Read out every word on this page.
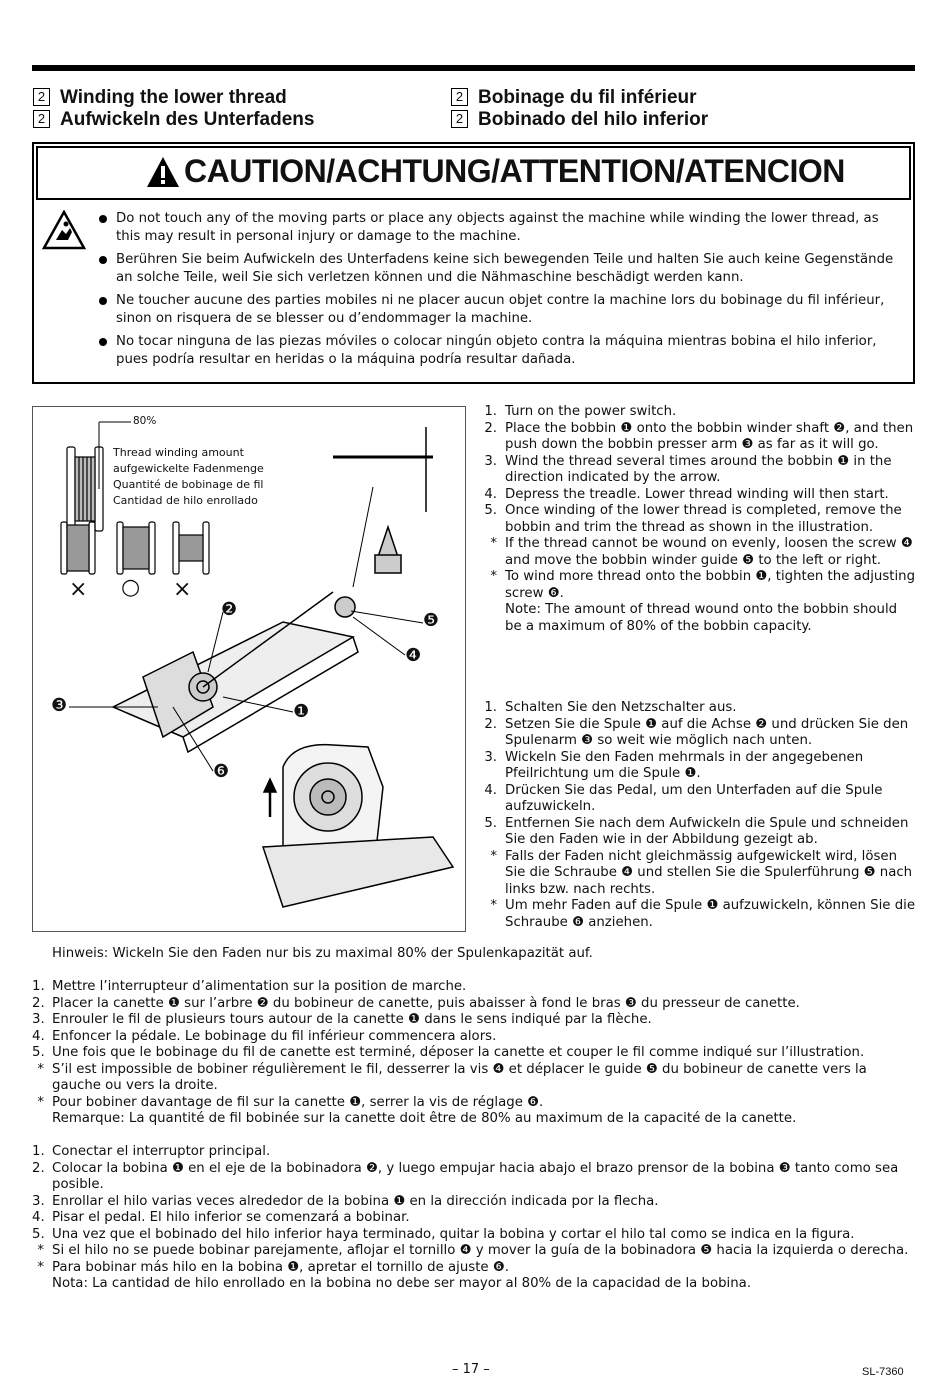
2 Winding the lower thread
2 Aufwickeln des Unterfadens
2 Bobinage du fil inférieur
2 Bobinado del hilo inferior
CAUTION/ACHTUNG/ATTENTION/ATENCION
Do not touch any of the moving parts or place any objects against the machine while winding the lower thread, as this may result in personal injury or damage to the machine.
Berühren Sie beim Aufwickeln des Unterfadens keine sich bewegenden Teile und halten Sie auch keine Gegenstände an solche Teile, weil Sie sich verletzen können und die Nähmaschine beschädigt werden kann.
Ne toucher aucune des parties mobiles ni ne placer aucun objet contre la machine lors du bobinage du fil inférieur, sinon on risquera de se blesser ou d’endommager la machine.
No tocar ninguna de las piezas móviles o colocar ningún objeto contra la máquina mientras bobina el hilo inferior, pues podría resultar en heridas o la máquina podría resultar dañada.
80%
Thread winding amount
aufgewickelte Fadenmenge
Quantité de bobinage de fil
Cantidad de hilo enrollado
× ○ ×
❷
❺
❹
❸	❶
❻
1. Turn on the power switch.
2. Place the bobbin ❶ onto the bobbin winder shaft ❷, and then push down the bobbin presser arm ❸ as far as it will go.
3. Wind the thread several times around the bobbin ❶ in the direction indicated by the arrow.
4. Depress the treadle. Lower thread winding will then start.
5. Once winding of the lower thread is completed, remove the bobbin and trim the thread as shown in the illustration.
* If the thread cannot be wound on evenly, loosen the screw ❹ and move the bobbin winder guide ❺ to the left or right.
* To wind more thread onto the bobbin ❶, tighten the adjusting screw ❻.
Note: The amount of thread wound onto the bobbin should be a maximum of 80% of the bobbin capacity.
1. Schalten Sie den Netzschalter aus.
2. Setzen Sie die Spule ❶ auf die Achse ❷ und drücken Sie den Spulenarm ❸ so weit wie möglich nach unten.
3. Wickeln Sie den Faden mehrmals in der angegebenen Pfeilrichtung um die Spule ❶.
4. Drücken Sie das Pedal, um den Unterfaden auf die Spule aufzuwickeln.
5. Entfernen Sie nach dem Aufwickeln die Spule und schneiden Sie den Faden wie in der Abbildung gezeigt ab.
* Falls der Faden nicht gleichmässig aufgewickelt wird, lösen Sie die Schraube ❹ und stellen Sie die Spulerführung ❺ nach links bzw. nach rechts.
* Um mehr Faden auf die Spule ❶ aufzuwickeln, können Sie die Schraube ❻ anziehen.
Hinweis: Wickeln Sie den Faden nur bis zu maximal 80% der Spulenkapazität auf.
1. Mettre l’interrupteur d’alimentation sur la position de marche.
2. Placer la canette ❶ sur l’arbre ❷ du bobineur de canette, puis abaisser à fond le bras ❸ du presseur de canette.
3. Enrouler le fil de plusieurs tours autour de la canette ❶ dans le sens indiqué par la flèche.
4. Enfoncer la pédale. Le bobinage du fil inférieur commencera alors.
5. Une fois que le bobinage du fil de canette est terminé, déposer la canette et couper le fil comme indiqué sur l’illustration.
* S’il est impossible de bobiner régulièrement le fil, desserrer la vis ❹ et déplacer le guide ❺ du bobineur de canette vers la gauche ou vers la droite.
* Pour bobiner davantage de fil sur la canette ❶, serrer la vis de réglage ❻.
Remarque: La quantité de fil bobinée sur la canette doit être de 80% au maximum de la capacité de la canette.
1. Conectar el interruptor principal.
2. Colocar la bobina ❶ en el eje de la bobinadora ❷, y luego empujar hacia abajo el brazo prensor de la bobina ❸ tanto como sea posible.
3. Enrollar el hilo varias veces alrededor de la bobina ❶ en la dirección indicada por la flecha.
4. Pisar el pedal. El hilo inferior se comenzará a bobinar.
5. Una vez que el bobinado del hilo inferior haya terminado, quitar la bobina y cortar el hilo tal como se indica en la figura.
* Si el hilo no se puede bobinar parejamente, aflojar el tornillo ❹ y mover la guía de la bobinadora ❺ hacia la izquierda o derecha.
* Para bobinar más hilo en la bobina ❶, apretar el tornillo de ajuste ❻.
Nota: La cantidad de hilo enrollado en la bobina no debe ser mayor al 80% de la capacidad de la bobina.
– 17 –	SL-7360
